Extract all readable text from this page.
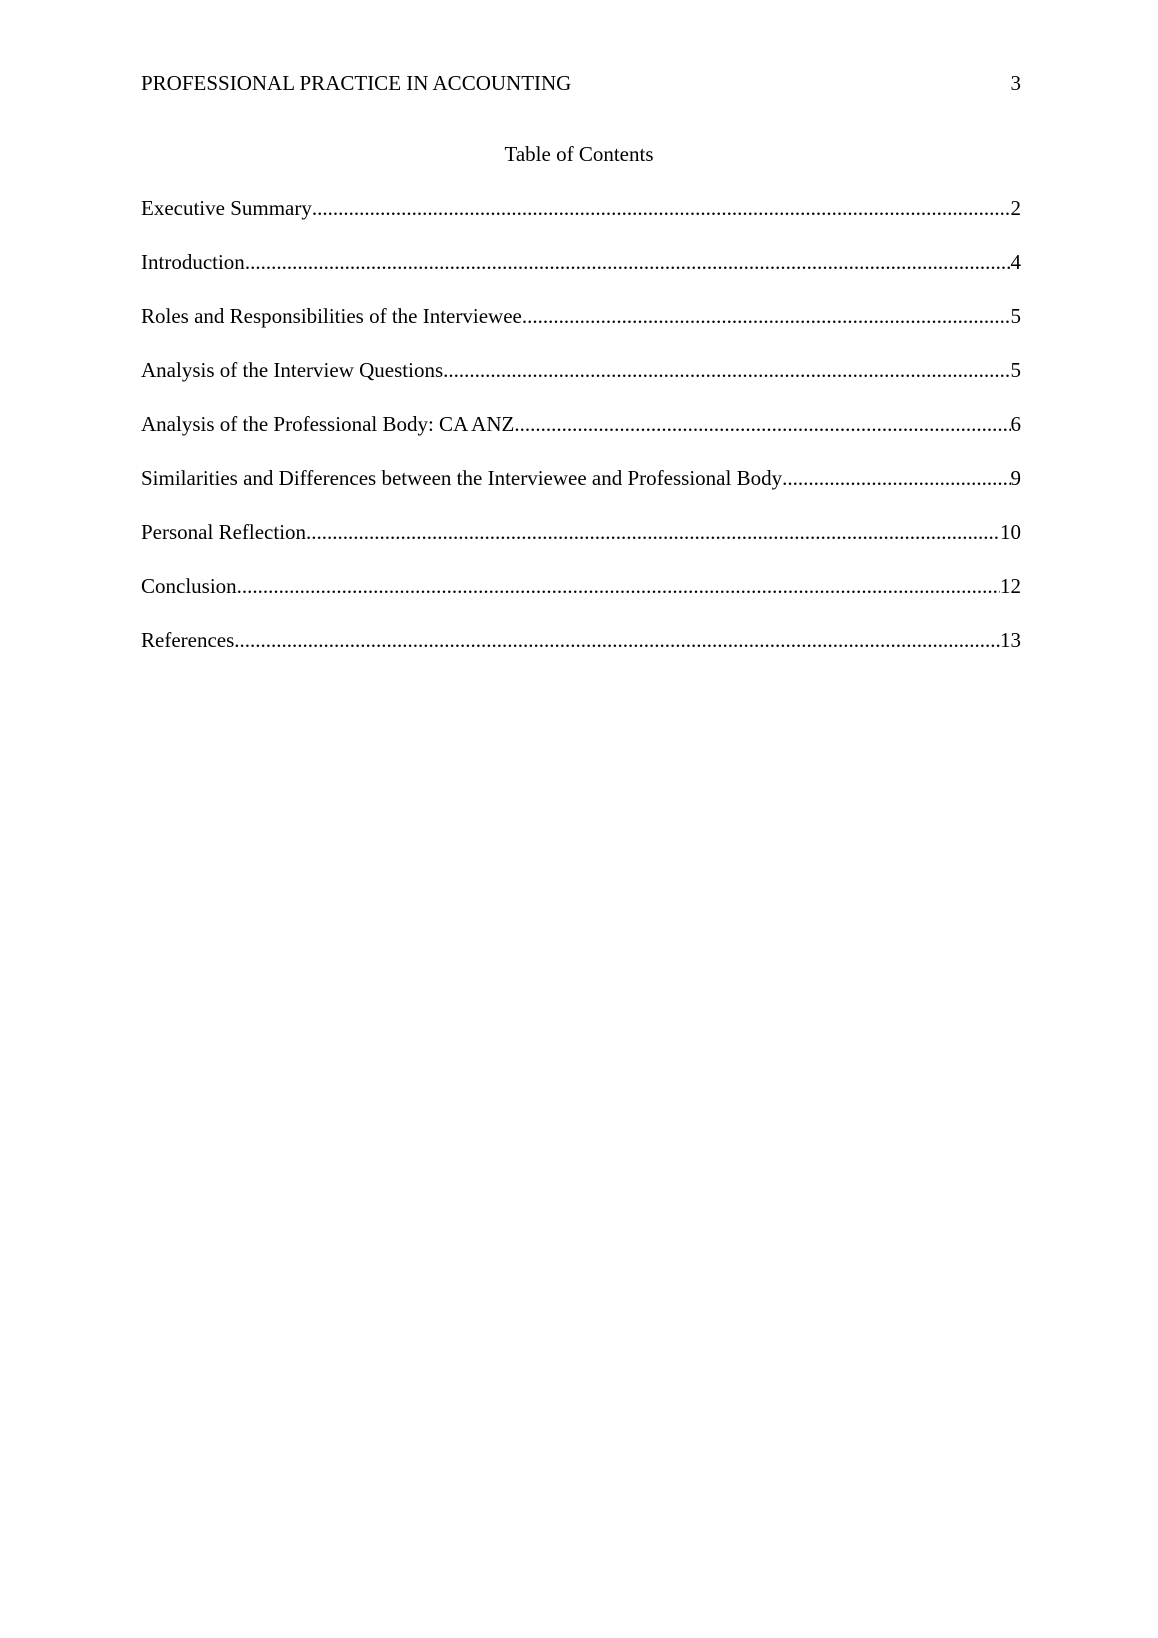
PROFESSIONAL PRACTICE IN ACCOUNTING	3
Table of Contents
Executive Summary .....	2
Introduction .....	4
Roles and Responsibilities of the Interviewee .....	5
Analysis of the Interview Questions .....	5
Analysis of the Professional Body: CA ANZ .....	6
Similarities and Differences between the Interviewee and Professional Body .....	9
Personal Reflection .....	10
Conclusion .....	12
References .....	13
